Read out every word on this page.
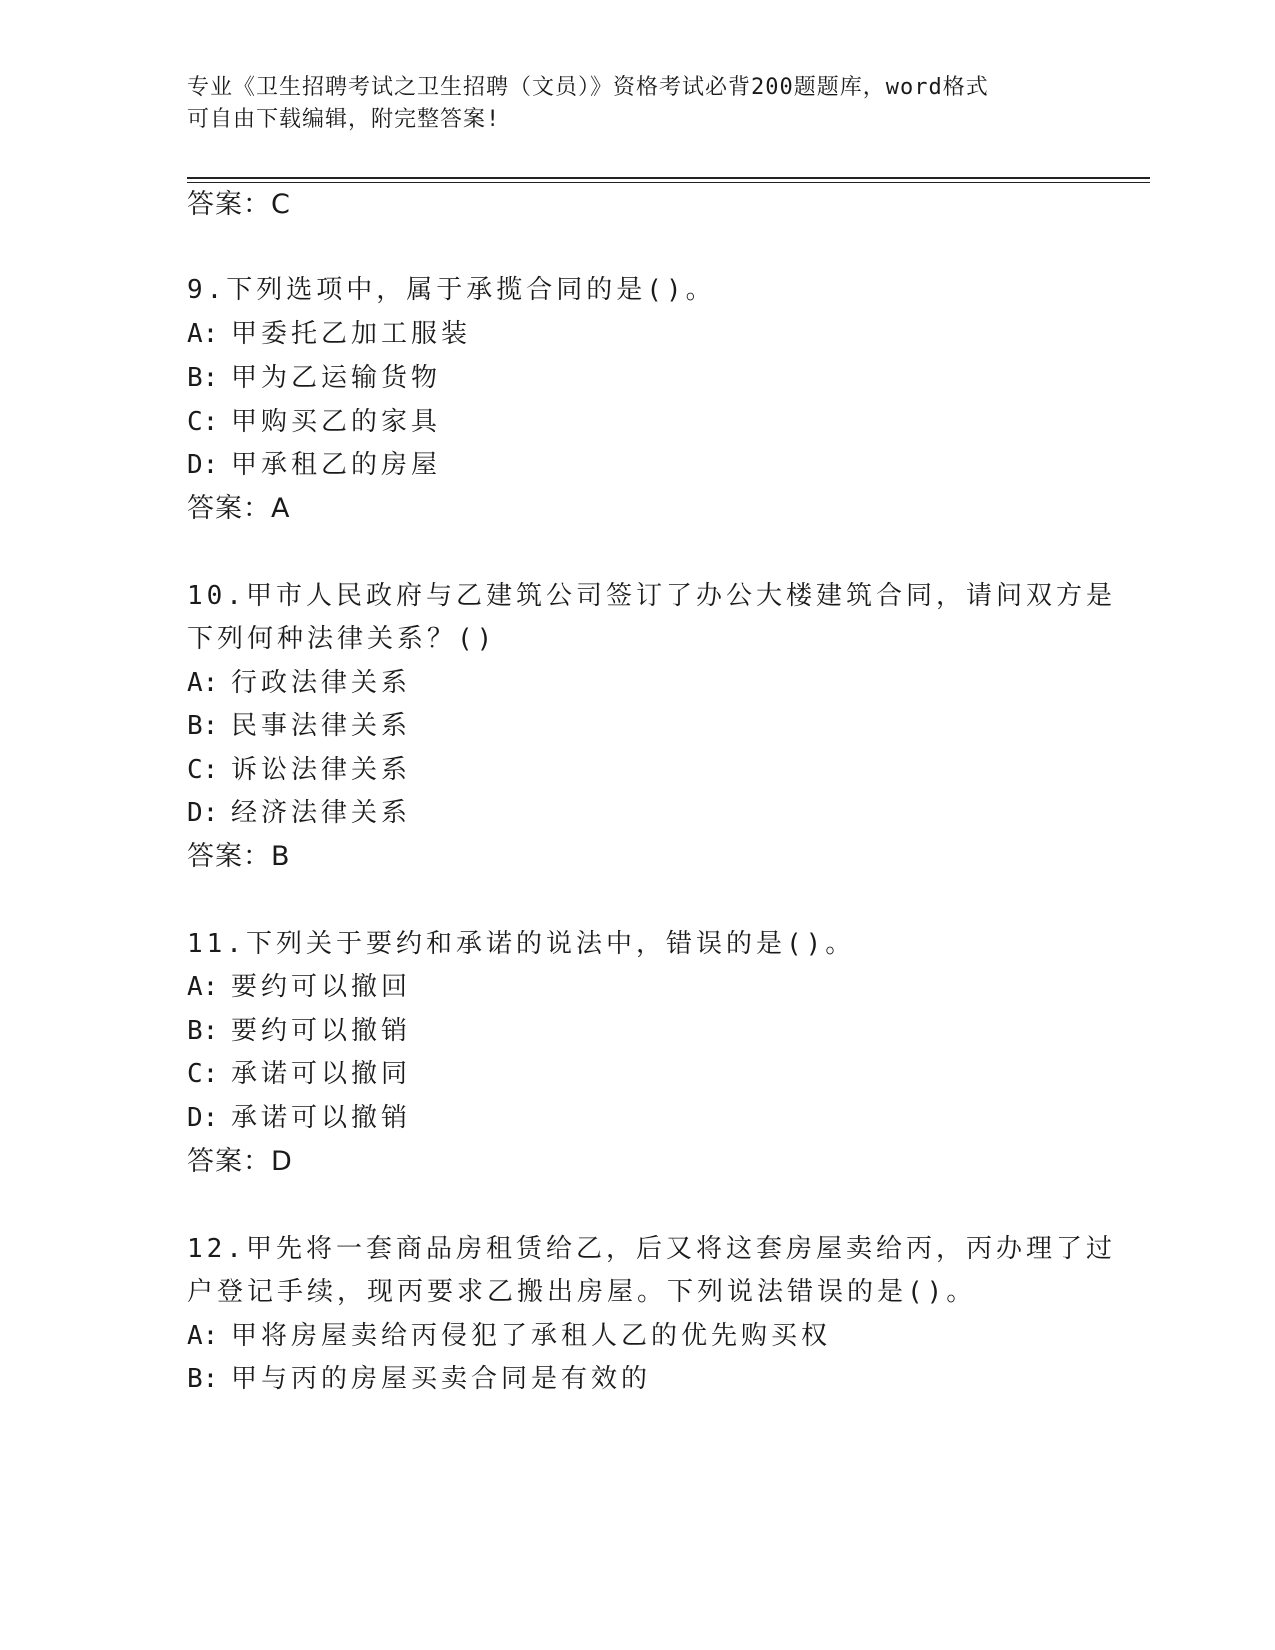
专业《卫生招聘考试之卫生招聘（文员）》资格考试必背200题题库，word格式
可自由下载编辑，附完整答案!
答案：C
9.下列选项中，属于承揽合同的是()。
A: 甲委托乙加工服装
B: 甲为乙运输货物
C: 甲购买乙的家具
D: 甲承租乙的房屋
答案：A
10.甲市人民政府与乙建筑公司签订了办公大楼建筑合同，请问双方是
下列何种法律关系？()
A: 行政法律关系
B: 民事法律关系
C: 诉讼法律关系
D: 经济法律关系
答案：B
11.下列关于要约和承诺的说法中，错误的是()。
A: 要约可以撤回
B: 要约可以撤销
C: 承诺可以撤同
D: 承诺可以撤销
答案：D
12.甲先将一套商品房租赁给乙，后又将这套房屋卖给丙，丙办理了过
户登记手续，现丙要求乙搬出房屋。下列说法错误的是()。
A: 甲将房屋卖给丙侵犯了承租人乙的优先购买权
B: 甲与丙的房屋买卖合同是有效的
